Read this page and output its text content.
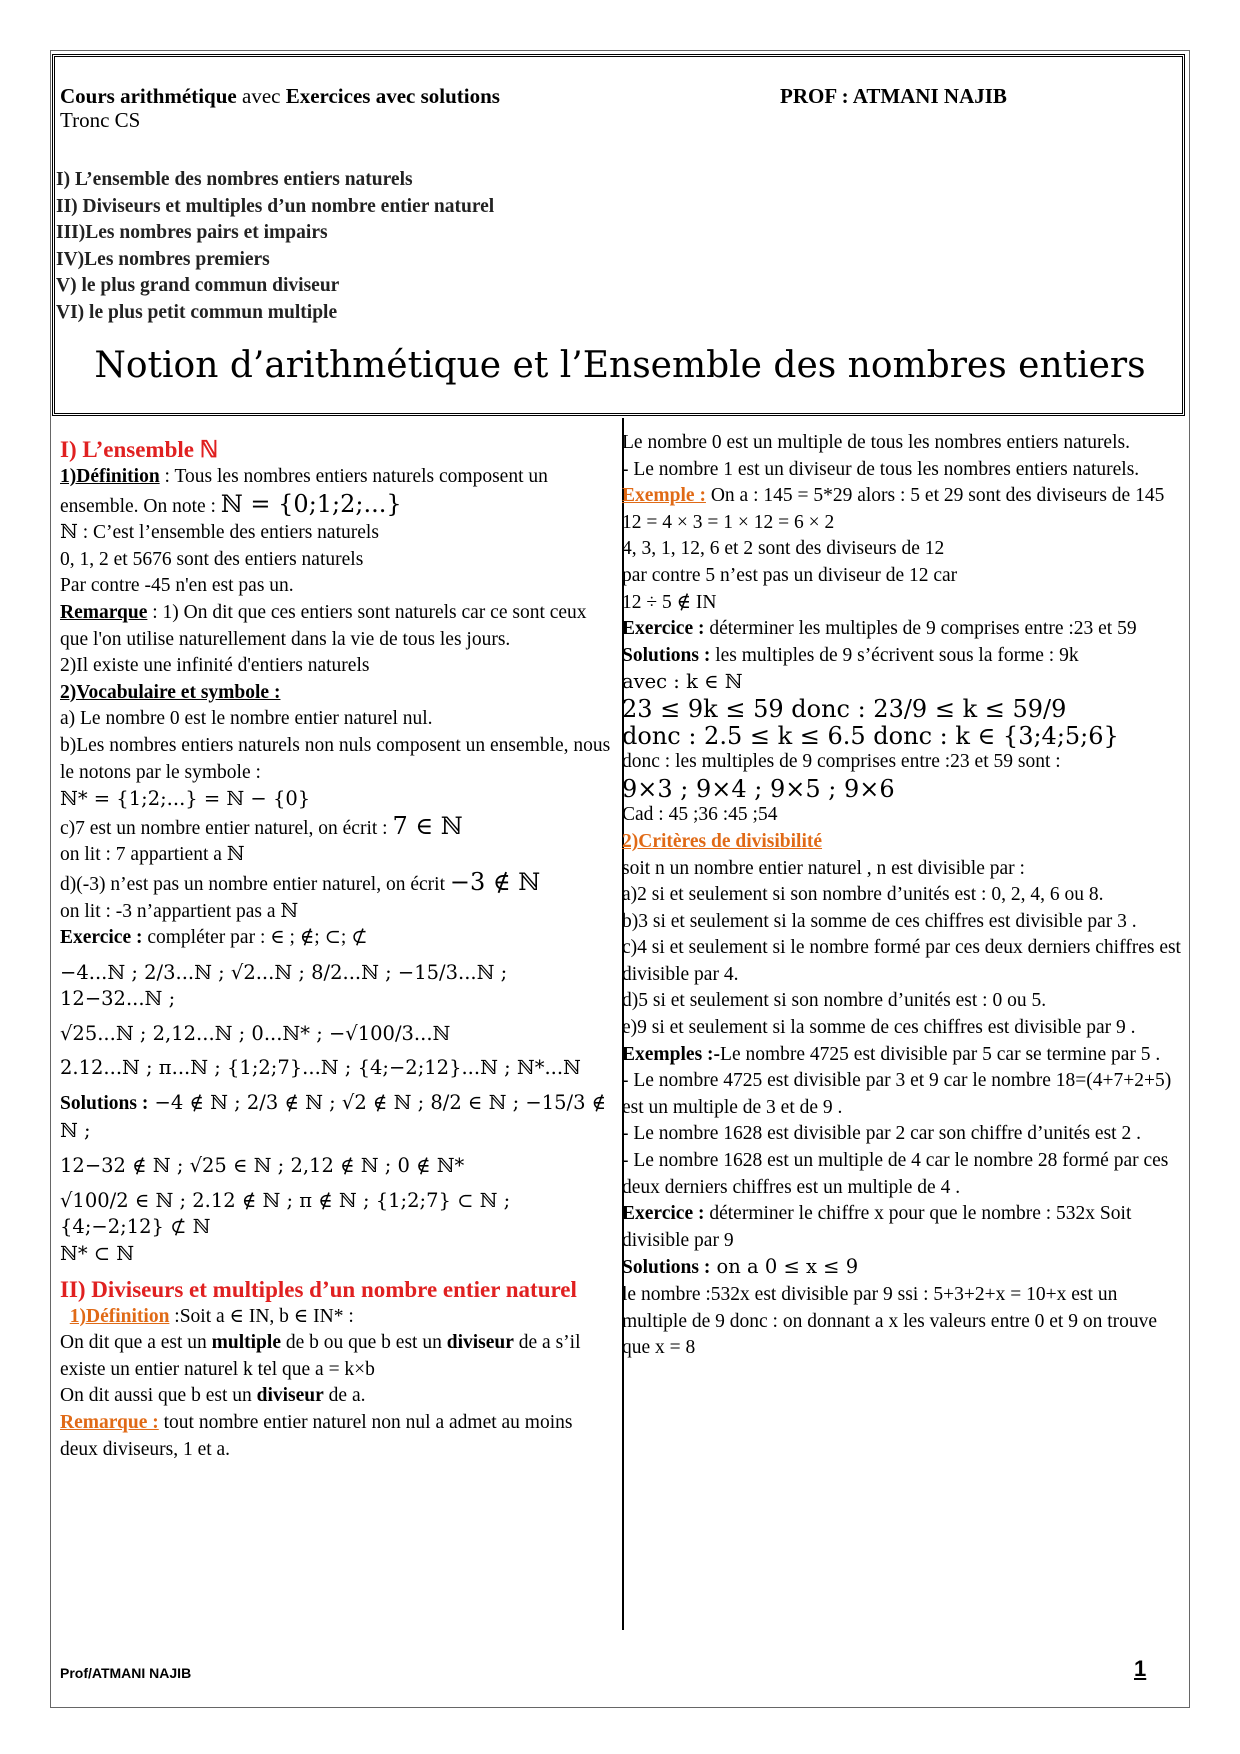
Cours arithmétique avec Exercices avec solutions
Tronc CS
PROF : ATMANI NAJIB
I) L’ensemble des nombres entiers naturels
II) Diviseurs et multiples d’un nombre entier naturel
III)Les nombres pairs et impairs
IV)Les nombres premiers
V) le plus grand commun diviseur
VI) le plus petit commun multiple
Notion d’arithmétique et l’Ensemble des nombres entiers

I) L’ensemble ℕ

1)Définition : Tous les nombres entiers naturels composent un ensemble. On note : ℕ = {0;1;2;...}

ℕ : C’est l’ensemble des entiers naturels

0, 1, 2 et 5676 sont des entiers naturels

Par contre -45 n'en est pas un.

Remarque : 1) On dit que ces entiers sont naturels car ce sont ceux que l'on utilise naturellement dans la vie de tous les jours.

2)Il existe une infinité d'entiers naturels

2)Vocabulaire et symbole :

a) Le nombre 0 est le nombre entier naturel nul.

b)Les nombres entiers naturels non nuls composent un ensemble, nous le notons par le symbole :

ℕ* = {1;2;...} = ℕ − {0}

c)7 est un nombre entier naturel, on écrit : 7 ∈ ℕ

on lit : 7 appartient a ℕ

d)(-3) n’est pas un nombre entier naturel, on écrit −3 ∉ ℕ

on lit : -3 n’appartient pas a ℕ

Exercice : compléter par : ∈ ; ∉; ⊂; ⊄

−4...ℕ ; 2/3...ℕ ; √2...ℕ ; 8/2...ℕ ; −15/3...ℕ ; 12−32...ℕ ;

√25...ℕ ; 2,12...ℕ ; 0...ℕ* ; −√100/3...ℕ

2.12...ℕ ; π...ℕ ; {1;2;7}...ℕ ; {4;−2;12}...ℕ ; ℕ*...ℕ

Solutions : −4 ∉ ℕ ; 2/3 ∉ ℕ ; √2 ∉ ℕ ; 8/2 ∈ ℕ ; −15/3 ∉ ℕ ;

12−32 ∉ ℕ ; √25 ∈ ℕ ; 2,12 ∉ ℕ ; 0 ∉ ℕ*

√100/2 ∈ ℕ ; 2.12 ∉ ℕ ; π ∉ ℕ ; {1;2;7} ⊂ ℕ ; {4;−2;12} ⊄ ℕ

ℕ* ⊂ ℕ

II) Diviseurs et multiples d’un nombre entier naturel

1)Définition :Soit a ∈ IN, b ∈ IN* :

On dit que a est un multiple de b ou que b est un diviseur de a s’il existe un entier naturel k tel que a = k×b

On dit aussi que b est un diviseur de a.

Remarque : tout nombre entier naturel non nul a admet au moins deux diviseurs, 1 et a.

Le nombre 0 est un multiple de tous les nombres entiers naturels.

- Le nombre 1 est un diviseur de tous les nombres entiers naturels.

Exemple : On a : 145 = 5*29 alors : 5 et 29 sont des diviseurs de 145

12 = 4 × 3 = 1 × 12 = 6 × 2

4, 3, 1, 12, 6 et 2 sont des diviseurs de 12

par contre 5 n’est pas un diviseur de 12 car

12 ÷ 5 ∉ IN

Exercice : déterminer les multiples de 9 comprises entre :23 et 59

Solutions : les multiples de 9 s’écrivent sous la forme : 9k

avec : k ∈ ℕ

23 ≤ 9k ≤ 59 donc : 23/9 ≤ k ≤ 59/9

donc : 2.5 ≤ k ≤ 6.5 donc : k ∈ {3;4;5;6}

donc : les multiples de 9 comprises entre :23 et 59 sont :

9×3 ; 9×4 ; 9×5 ; 9×6

Cad : 45 ;36 :45 ;54

2)Critères de divisibilité

soit n un nombre entier naturel , n est divisible par :

a)2 si et seulement si son nombre d’unités est : 0, 2, 4, 6 ou 8.

b)3 si et seulement si la somme de ces chiffres est divisible par 3 .

c)4 si et seulement si le nombre formé par ces deux derniers chiffres est divisible par 4.

d)5 si et seulement si son nombre d’unités est : 0 ou 5.

e)9 si et seulement si la somme de ces chiffres est divisible par 9 .

Exemples :-Le nombre 4725 est divisible par 5 car se termine par 5 .

- Le nombre 4725 est divisible par 3 et 9 car le nombre 18=(4+7+2+5) est un multiple de 3 et de 9 .

- Le nombre 1628 est divisible par 2 car son chiffre d’unités est 2 .

- Le nombre 1628 est un multiple de 4 car le nombre 28 formé par ces deux derniers chiffres est un multiple de 4 .

Exercice : déterminer le chiffre x pour que le nombre : 532x Soit divisible par 9

Solutions : on a 0 ≤ x ≤ 9

le nombre :532x est divisible par 9 ssi : 5+3+2+x = 10+x est un multiple de 9 donc : on donnant a x les valeurs entre 0 et 9 on trouve que x = 8

Prof/ATMANI NAJIB	1
